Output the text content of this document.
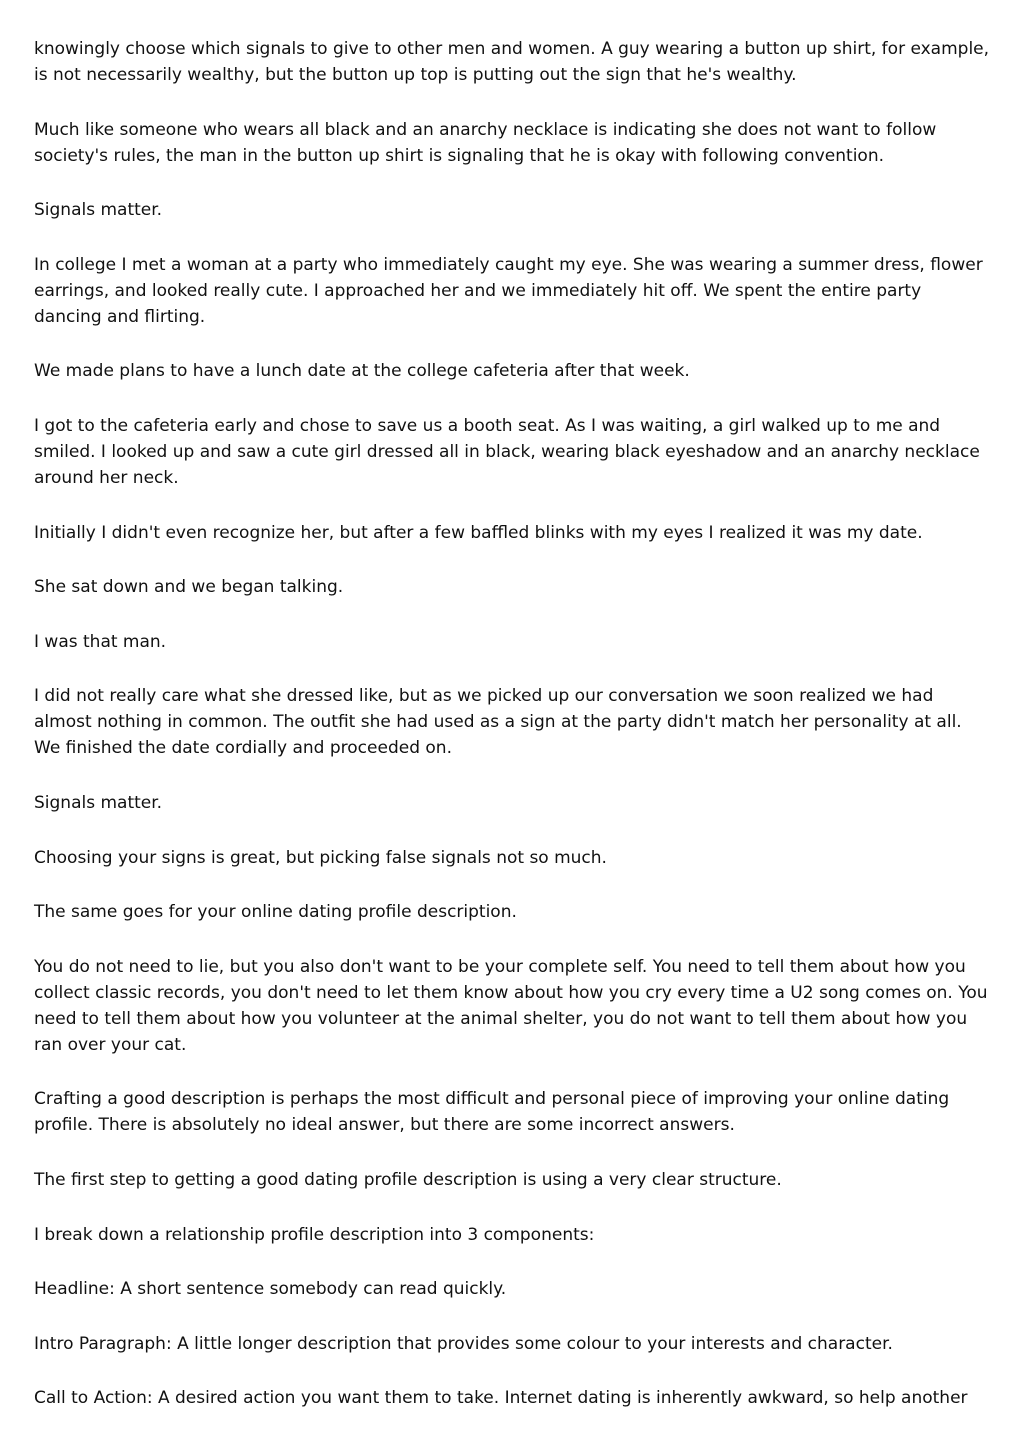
knowingly choose which signals to give to other men and women. A guy wearing a button up shirt, for example, is not necessarily wealthy, but the button up top is putting out the sign that he's wealthy.

Much like someone who wears all black and an anarchy necklace is indicating she does not want to follow society's rules, the man in the button up shirt is signaling that he is okay with following convention.

Signals matter.

In college I met a woman at a party who immediately caught my eye. She was wearing a summer dress, flower earrings, and looked really cute. I approached her and we immediately hit off. We spent the entire party dancing and flirting.

We made plans to have a lunch date at the college cafeteria after that week.

I got to the cafeteria early and chose to save us a booth seat. As I was waiting, a girl walked up to me and smiled. I looked up and saw a cute girl dressed all in black, wearing black eyeshadow and an anarchy necklace around her neck.

Initially I didn't even recognize her, but after a few baffled blinks with my eyes I realized it was my date.

She sat down and we began talking.

I was that man.

I did not really care what she dressed like, but as we picked up our conversation we soon realized we had almost nothing in common. The outfit she had used as a sign at the party didn't match her personality at all. We finished the date cordially and proceeded on.

Signals matter.

Choosing your signs is great, but picking false signals not so much.

The same goes for your online dating profile description.

You do not need to lie, but you also don't want to be your complete self. You need to tell them about how you collect classic records, you don't need to let them know about how you cry every time a U2 song comes on. You need to tell them about how you volunteer at the animal shelter, you do not want to tell them about how you ran over your cat.

Crafting a good description is perhaps the most difficult and personal piece of improving your online dating profile. There is absolutely no ideal answer, but there are some incorrect answers.

The first step to getting a good dating profile description is using a very clear structure.

I break down a relationship profile description into 3 components:

Headline: A short sentence somebody can read quickly.

Intro Paragraph: A little longer description that provides some colour to your interests and character.

Call to Action: A desired action you want them to take. Internet dating is inherently awkward, so help another
